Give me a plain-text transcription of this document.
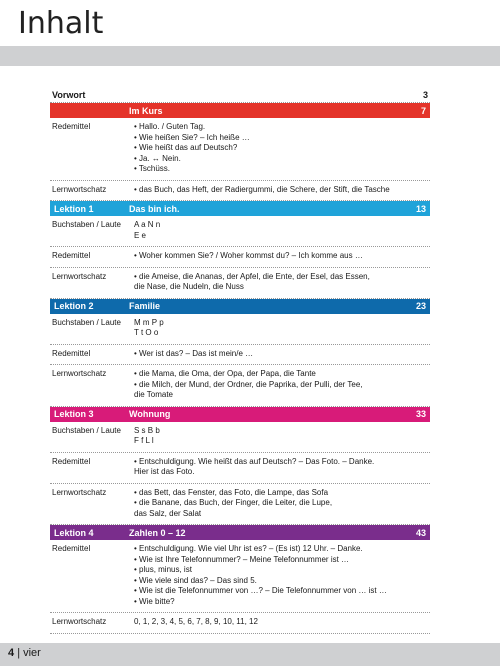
Inhalt
Vorwort	3
Im Kurs	7
Redemittel	• Hallo. / Guten Tag.
• Wie heißen Sie? – Ich heiße …
• Wie heißt das auf Deutsch?
• Ja. ↔ Nein.
• Tschüss.
Lernwortschatz	• das Buch, das Heft, der Radiergummi, die Schere, der Stift, die Tasche
Lektion 1	Das bin ich.	13
Buchstaben / Laute	A a N n
E e
Redemittel	• Woher kommen Sie? / Woher kommst du? – Ich komme aus …
Lernwortschatz	• die Ameise, die Ananas, der Apfel, die Ente, der Esel, das Essen,
die Nase, die Nudeln, die Nuss
Lektion 2	Familie	23
Buchstaben / Laute	M m P p
T t O o
Redemittel	• Wer ist das? – Das ist mein/e …
Lernwortschatz	• die Mama, die Oma, der Opa, der Papa, die Tante
• die Milch, der Mund, der Ordner, die Paprika, der Pulli, der Tee,
die Tomate
Lektion 3	Wohnung	33
Buchstaben / Laute	S s B b
F f L l
Redemittel	• Entschuldigung. Wie heißt das auf Deutsch? – Das Foto. – Danke.
Hier ist das Foto.
Lernwortschatz	• das Bett, das Fenster, das Foto, die Lampe, das Sofa
• die Banane, das Buch, der Finger, die Leiter, die Lupe,
das Salz, der Salat
Lektion 4	Zahlen 0 – 12	43
Redemittel	• Entschuldigung. Wie viel Uhr ist es? – (Es ist) 12 Uhr. – Danke.
• Wie ist Ihre Telefonnummer? – Meine Telefonnummer ist …
• plus, minus, ist
• Wie viele sind das? – Das sind 5.
• Wie ist die Telefonnummer von …? – Die Telefonnummer von … ist …
• Wie bitte?
Lernwortschatz	0, 1, 2, 3, 4, 5, 6, 7, 8, 9, 10, 11, 12
4 | vier
